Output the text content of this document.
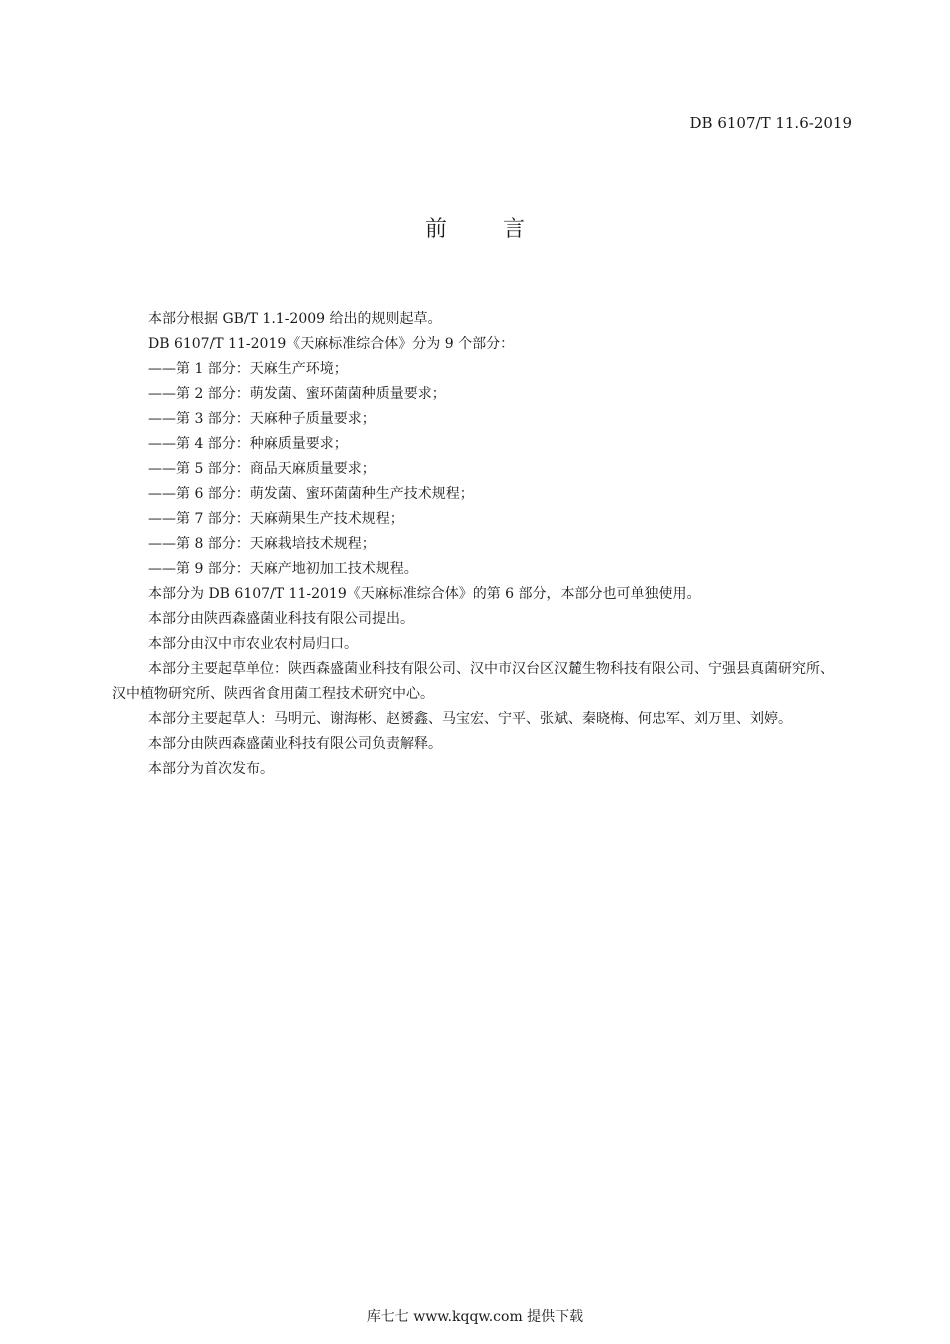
DB 6107/T 11.6-2019
前	言

本部分根据 GB/T 1.1-2009 给出的规则起草。

DB 6107/T 11-2019《天麻标准综合体》分为 9 个部分：

——第 1 部分：天麻生产环境；

——第 2 部分：萌发菌、蜜环菌菌种质量要求；

——第 3 部分：天麻种子质量要求；

——第 4 部分：种麻质量要求；

——第 5 部分：商品天麻质量要求；

——第 6 部分：萌发菌、蜜环菌菌种生产技术规程；

——第 7 部分：天麻蒴果生产技术规程；

——第 8 部分：天麻栽培技术规程；

——第 9 部分：天麻产地初加工技术规程。

本部分为 DB 6107/T 11-2019《天麻标准综合体》的第 6 部分，本部分也可单独使用。

本部分由陕西森盛菌业科技有限公司提出。

本部分由汉中市农业农村局归口。

本部分主要起草单位：陕西森盛菌业科技有限公司、汉中市汉台区汉麓生物科技有限公司、宁强县真菌研究所、汉中植物研究所、陕西省食用菌工程技术研究中心。

本部分主要起草人：马明元、谢海彬、赵赟鑫、马宝宏、宁平、张斌、秦晓梅、何忠军、刘万里、刘婷。

本部分由陕西森盛菌业科技有限公司负责解释。

本部分为首次发布。

库七七 www.kqqw.com 提供下载
